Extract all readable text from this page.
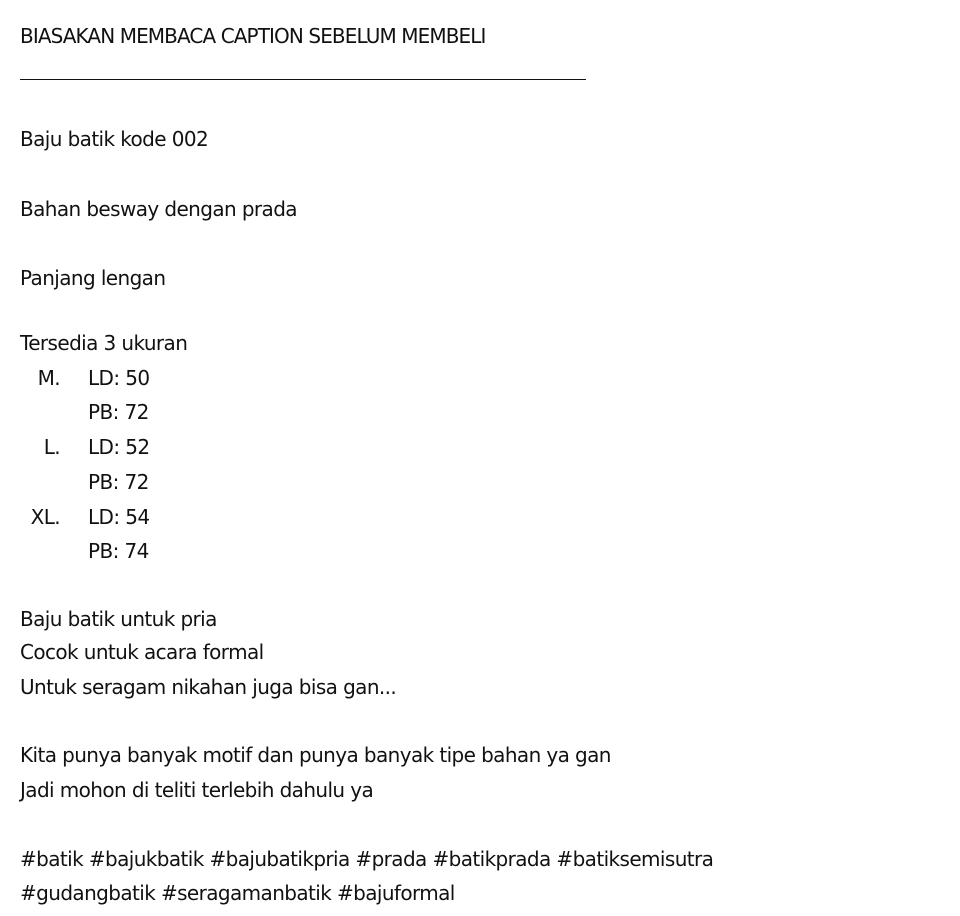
BIASAKAN MEMBACA CAPTION SEBELUM MEMBELI
Baju batik kode 002
Bahan besway dengan prada
Panjang lengan
Tersedia 3 ukuran
M. LD: 50
PB: 72
L. LD: 52
PB: 72
XL. LD: 54
PB: 74
Baju batik untuk pria
Cocok untuk acara formal
Untuk seragam nikahan juga bisa gan...
Kita punya banyak motif dan punya banyak tipe bahan ya gan
Jadi mohon di teliti terlebih dahulu ya
#batik #bajukbatik #bajubatikpria #prada #batikprada #batiksemisutra
#gudangbatik #seragamanbatik #bajuformal
